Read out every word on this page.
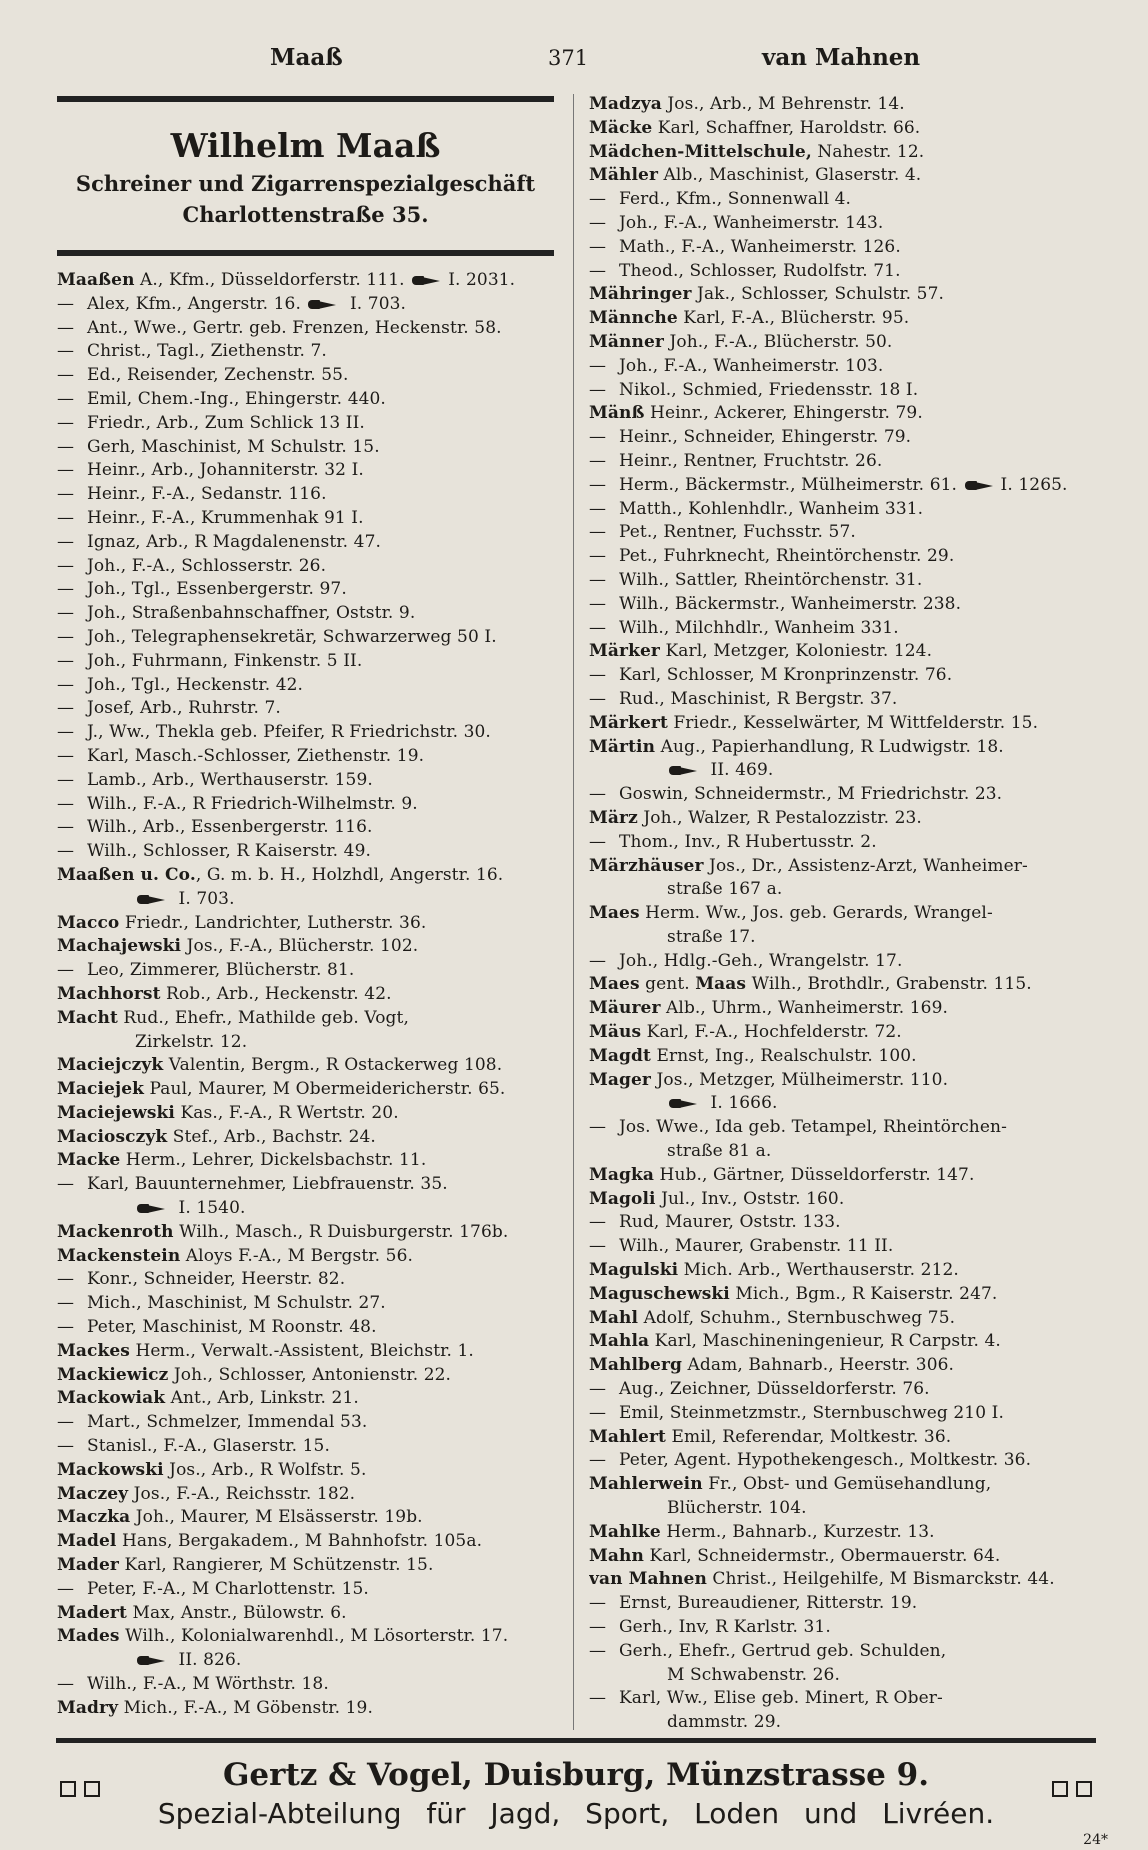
Maaß	371	van Mahnen
Wilhelm Maaß
Schreiner und Zigarrenspezialgeschäft
Charlottenstraße 35.
Maaßen A., Kfm., Düsseldorferstr. 111. I. 2031.
— Alex, Kfm., Angerstr. 16.  I. 703.
— Ant., Wwe., Gertr. geb. Frenzen, Heckenstr. 58.
— Christ., Tagl., Ziethenstr. 7.
— Ed., Reisender, Zechenstr. 55.
— Emil, Chem.-Ing., Ehingerstr. 440.
— Friedr., Arb., Zum Schlick 13 II.
— Gerh, Maschinist, M Schulstr. 15.
— Heinr., Arb., Johanniterstr. 32 I.
— Heinr., F.-A., Sedanstr. 116.
— Heinr., F.-A., Krummenhak 91 I.
— Ignaz, Arb., R Magdalenenstr. 47.
— Joh., F.-A., Schlosserstr. 26.
— Joh., Tgl., Essenbergerstr. 97.
— Joh., Straßenbahnschaffner, Oststr. 9.
— Joh., Telegraphensekretär, Schwarzerweg 50 I.
— Joh., Fuhrmann, Finkenstr. 5 II.
— Joh., Tgl., Heckenstr. 42.
— Josef, Arb., Ruhrstr. 7.
— J., Ww., Thekla geb. Pfeifer, R Friedrichstr. 30.
— Karl, Masch.-Schlosser, Ziethenstr. 19.
— Lamb., Arb., Werthauserstr. 159.
— Wilh., F.-A., R Friedrich-Wilhelmstr. 9.
— Wilh., Arb., Essenbergerstr. 116.
— Wilh., Schlosser, R Kaiserstr. 49.
Maaßen u. Co., G. m. b. H., Holzhdl, Angerstr. 16.
I. 703.
Macco Friedr., Landrichter, Lutherstr. 36.
Machajewski Jos., F.-A., Blücherstr. 102.
— Leo, Zimmerer, Blücherstr. 81.
Machhorst Rob., Arb., Heckenstr. 42.
Macht Rud., Ehefr., Mathilde geb. Vogt,
Zirkelstr. 12.
Maciejczyk Valentin, Bergm., R Ostackerweg 108.
Maciejek Paul, Maurer, M Obermeidericherstr. 65.
Maciejewski Kas., F.-A., R Wertstr. 20.
Maciosczyk Stef., Arb., Bachstr. 24.
Macke Herm., Lehrer, Dickelsbachstr. 11.
— Karl, Bauunternehmer, Liebfrauenstr. 35.
I. 1540.
Mackenroth Wilh., Masch., R Duisburgerstr. 176b.
Mackenstein Aloys F.-A., M Bergstr. 56.
— Konr., Schneider, Heerstr. 82.
— Mich., Maschinist, M Schulstr. 27.
— Peter, Maschinist, M Roonstr. 48.
Mackes Herm., Verwalt.-Assistent, Bleichstr. 1.
Mackiewicz Joh., Schlosser, Antonienstr. 22.
Mackowiak Ant., Arb, Linkstr. 21.
— Mart., Schmelzer, Immendal 53.
— Stanisl., F.-A., Glaserstr. 15.
Mackowski Jos., Arb., R Wolfstr. 5.
Maczey Jos., F.-A., Reichsstr. 182.
Maczka Joh., Maurer, M Elsässerstr. 19b.
Madel Hans, Bergakadem., M Bahnhofstr. 105a.
Mader Karl, Rangierer, M Schützenstr. 15.
— Peter, F.-A., M Charlottenstr. 15.
Madert Max, Anstr., Bülowstr. 6.
Mades Wilh., Kolonialwarenhdl., M Lösorterstr. 17.
II. 826.
— Wilh., F.-A., M Wörthstr. 18.
Madry Mich., F.-A., M Göbenstr. 19.
Madzya Jos., Arb., M Behrenstr. 14.
Mäcke Karl, Schaffner, Haroldstr. 66.
Mädchen-Mittelschule, Nahestr. 12.
Mähler Alb., Maschinist, Glaserstr. 4.
— Ferd., Kfm., Sonnenwall 4.
— Joh., F.-A., Wanheimerstr. 143.
— Math., F.-A., Wanheimerstr. 126.
— Theod., Schlosser, Rudolfstr. 71.
Mähringer Jak., Schlosser, Schulstr. 57.
Männche Karl, F.-A., Blücherstr. 95.
Männer Joh., F.-A., Blücherstr. 50.
— Joh., F.-A., Wanheimerstr. 103.
— Nikol., Schmied, Friedensstr. 18 I.
Mänß Heinr., Ackerer, Ehingerstr. 79.
— Heinr., Schneider, Ehingerstr. 79.
— Heinr., Rentner, Fruchtstr. 26.
— Herm., Bäckermstr., Mülheimerstr. 61. I. 1265.
— Matth., Kohlenhdlr., Wanheim 331.
— Pet., Rentner, Fuchsstr. 57.
— Pet., Fuhrknecht, Rheintörchenstr. 29.
— Wilh., Sattler, Rheintörchenstr. 31.
— Wilh., Bäckermstr., Wanheimerstr. 238.
— Wilh., Milchhdlr., Wanheim 331.
Märker Karl, Metzger, Koloniestr. 124.
— Karl, Schlosser, M Kronprinzenstr. 76.
— Rud., Maschinist, R Bergstr. 37.
Märkert Friedr., Kesselwärter, M Wittfelderstr. 15.
Märtin Aug., Papierhandlung, R Ludwigstr. 18.
II. 469.
— Goswin, Schneidermstr., M Friedrichstr. 23.
März Joh., Walzer, R Pestalozzistr. 23.
— Thom., Inv., R Hubertusstr. 2.
Märzhäuser Jos., Dr., Assistenz-Arzt, Wanheimer-
straße 167 a.
Maes Herm. Ww., Jos. geb. Gerards, Wrangel-
straße 17.
— Joh., Hdlg.-Geh., Wrangelstr. 17.
Maes gent. Maas Wilh., Brothdlr., Grabenstr. 115.
Mäurer Alb., Uhrm., Wanheimerstr. 169.
Mäus Karl, F.-A., Hochfelderstr. 72.
Magdt Ernst, Ing., Realschulstr. 100.
Mager Jos., Metzger, Mülheimerstr. 110.
I. 1666.
— Jos. Wwe., Ida geb. Tetampel, Rheintörchen-
straße 81 a.
Magka Hub., Gärtner, Düsseldorferstr. 147.
Magoli Jul., Inv., Oststr. 160.
— Rud, Maurer, Oststr. 133.
— Wilh., Maurer, Grabenstr. 11 II.
Magulski Mich. Arb., Werthauserstr. 212.
Maguschewski Mich., Bgm., R Kaiserstr. 247.
Mahl Adolf, Schuhm., Sternbuschweg 75.
Mahla Karl, Maschineningenieur, R Carpstr. 4.
Mahlberg Adam, Bahnarb., Heerstr. 306.
— Aug., Zeichner, Düsseldorferstr. 76.
— Emil, Steinmetzmstr., Sternbuschweg 210 I.
Mahlert Emil, Referendar, Moltkestr. 36.
— Peter, Agent. Hypothekengesch., Moltkestr. 36.
Mahlerwein Fr., Obst- und Gemüsehandlung,
Blücherstr. 104.
Mahlke Herm., Bahnarb., Kurzestr. 13.
Mahn Karl, Schneidermstr., Obermauerstr. 64.
van Mahnen Christ., Heilgehilfe, M Bismarckstr. 44.
— Ernst, Bureaudiener, Ritterstr. 19.
— Gerh., Inv, R Karlstr. 31.
— Gerh., Ehefr., Gertrud geb. Schulden,
M Schwabenstr. 26.
— Karl, Ww., Elise geb. Minert, R Ober-
dammstr. 29.
Gertz & Vogel, Duisburg, Münzstrasse 9.
Spezial-Abteilung für Jagd, Sport, Loden und Livréen.
24*
